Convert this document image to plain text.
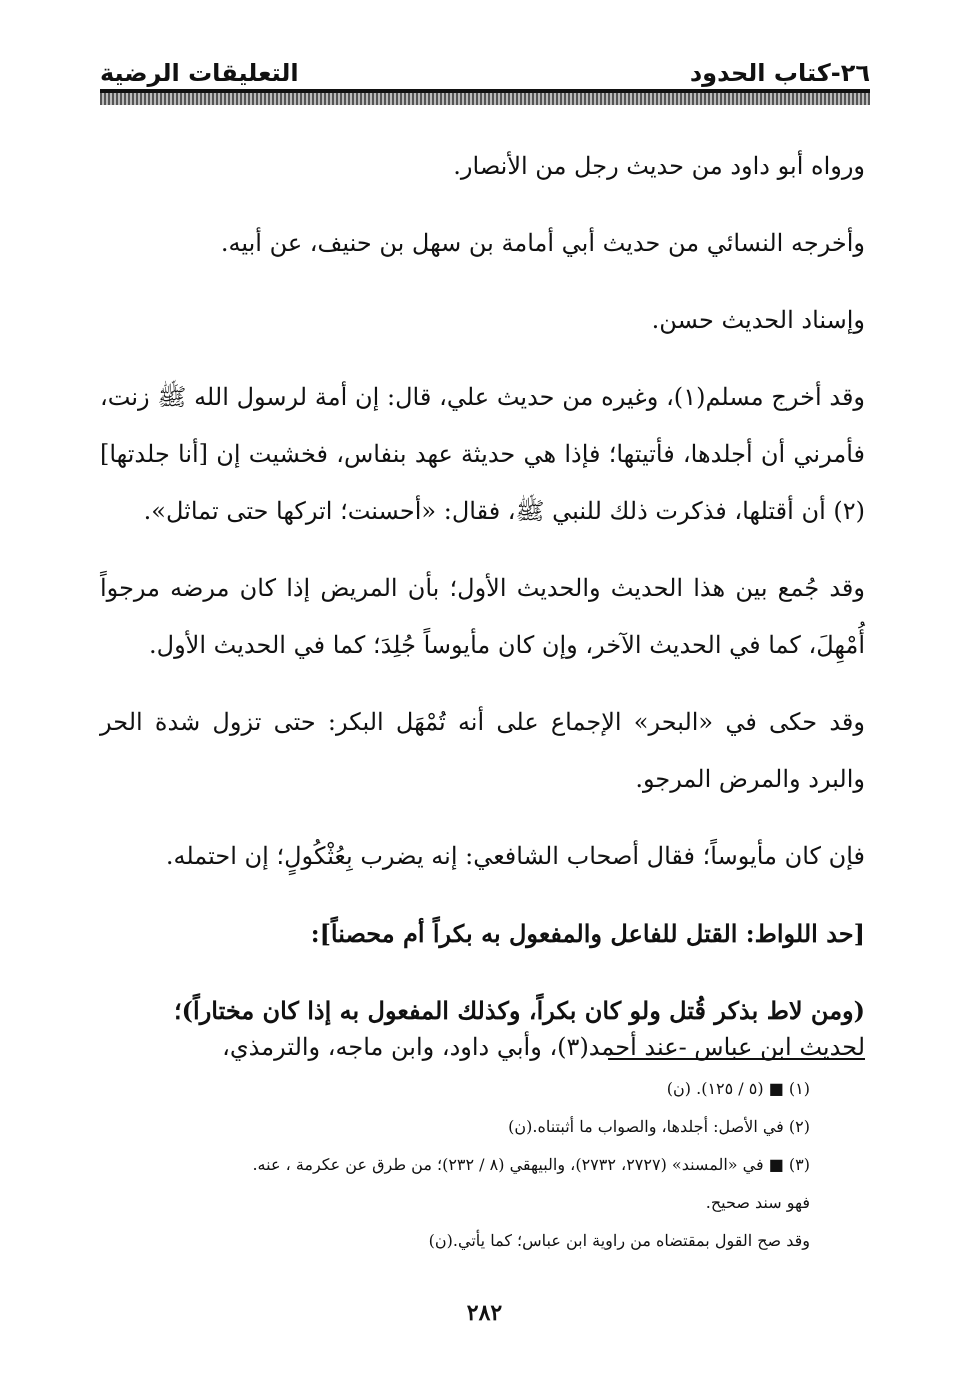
٢٦-كتاب الحدود
التعليقات الرضية

ورواه أبو داود من حديث رجل من الأنصار.

وأخرجه النسائي من حديث أبي أمامة بن سهل بن حنيف، عن أبيه.

وإسناد الحديث حسن.

وقد أخرج مسلم(١)، وغيره من حديث علي، قال: إن أمة لرسول الله ﷺ زنت، فأمرني أن أجلدها، فأتيتها؛ فإذا هي حديثة عهد بنفاس، فخشيت إن [أنا جلدتها](٢) أن أقتلها، فذكرت ذلك للنبي ﷺ، فقال: «أحسنت؛ اتركها حتى تماثل».

وقد جُمع بين هذا الحديث والحديث الأول؛ بأن المريض إذا كان مرضه مرجواً أُمْهِلَ، كما في الحديث الآخر، وإن كان مأيوساً جُلِدَ؛ كما في الحديث الأول.

وقد حكى في «البحر» الإجماع على أنه تُمْهَل البكر: حتى تزول شدة الحر والبرد والمرض المرجو.

فإن كان مأيوساً؛ فقال أصحاب الشافعي: إنه يضرب بِعُثْكُولٍ؛ إن احتمله.

[حد اللواط: القتل للفاعل والمفعول به بكراً أم محصناً]:

(ومن لاط بذكر قُتل ولو كان بكراً، وكذلك المفعول به إذا كان مختاراً)؛

لحديث ابن عباس -عند أحمد(٣)، وأبي داود، وابن ماجه، والترمذي،

(١) ■ (٥ / ١٢٥). (ن)

(٢) في الأصل: أجلدها، والصواب ما أثبتناه.(ن)

(٣) ■ في «المسند» (٢٧٢٧، ٢٧٣٢)، والبيهقي (٨ / ٢٣٢)؛ من طرق عن عكرمة ، عنه.

فهو سند صحيح.

وقد صح القول بمقتضاه من راوية ابن عباس؛ كما يأتي.(ن)

٢٨٢
